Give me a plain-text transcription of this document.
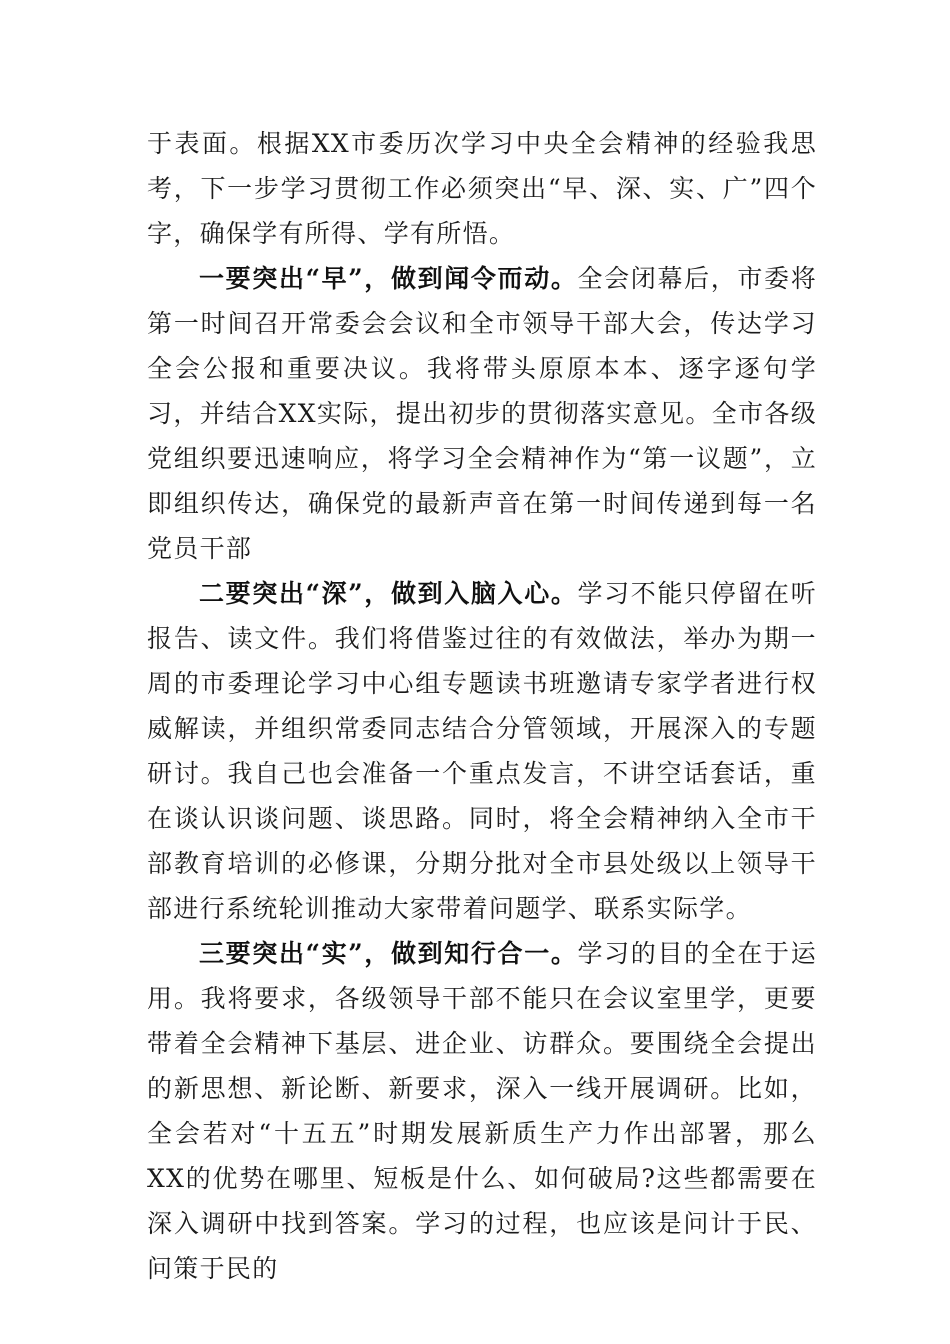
于表面。根据XX市委历次学习中央全会精神的经验我思考，下一步学习贯彻工作必须突出“早、深、实、广”四个字，确保学有所得、学有所悟。

一要突出“早”，做到闻令而动。全会闭幕后，市委将第一时间召开常委会会议和全市领导干部大会，传达学习全会公报和重要决议。我将带头原原本本、逐字逐句学习，并结合XX实际，提出初步的贯彻落实意见。全市各级党组织要迅速响应，将学习全会精神作为“第一议题”，立即组织传达，确保党的最新声音在第一时间传递到每一名党员干部

二要突出“深”，做到入脑入心。学习不能只停留在听报告、读文件。我们将借鉴过往的有效做法，举办为期一周的市委理论学习中心组专题读书班邀请专家学者进行权威解读，并组织常委同志结合分管领域，开展深入的专题研讨。我自己也会准备一个重点发言，不讲空话套话，重在谈认识谈问题、谈思路。同时，将全会精神纳入全市干部教育培训的必修课，分期分批对全市县处级以上领导干部进行系统轮训推动大家带着问题学、联系实际学。

三要突出“实”，做到知行合一。学习的目的全在于运用。我将要求，各级领导干部不能只在会议室里学，更要带着全会精神下基层、进企业、访群众。要围绕全会提出的新思想、新论断、新要求，深入一线开展调研。比如，全会若对“十五五”时期发展新质生产力作出部署，那么XX的优势在哪里、短板是什么、如何破局?这些都需要在深入调研中找到答案。学习的过程，也应该是问计于民、问策于民的
